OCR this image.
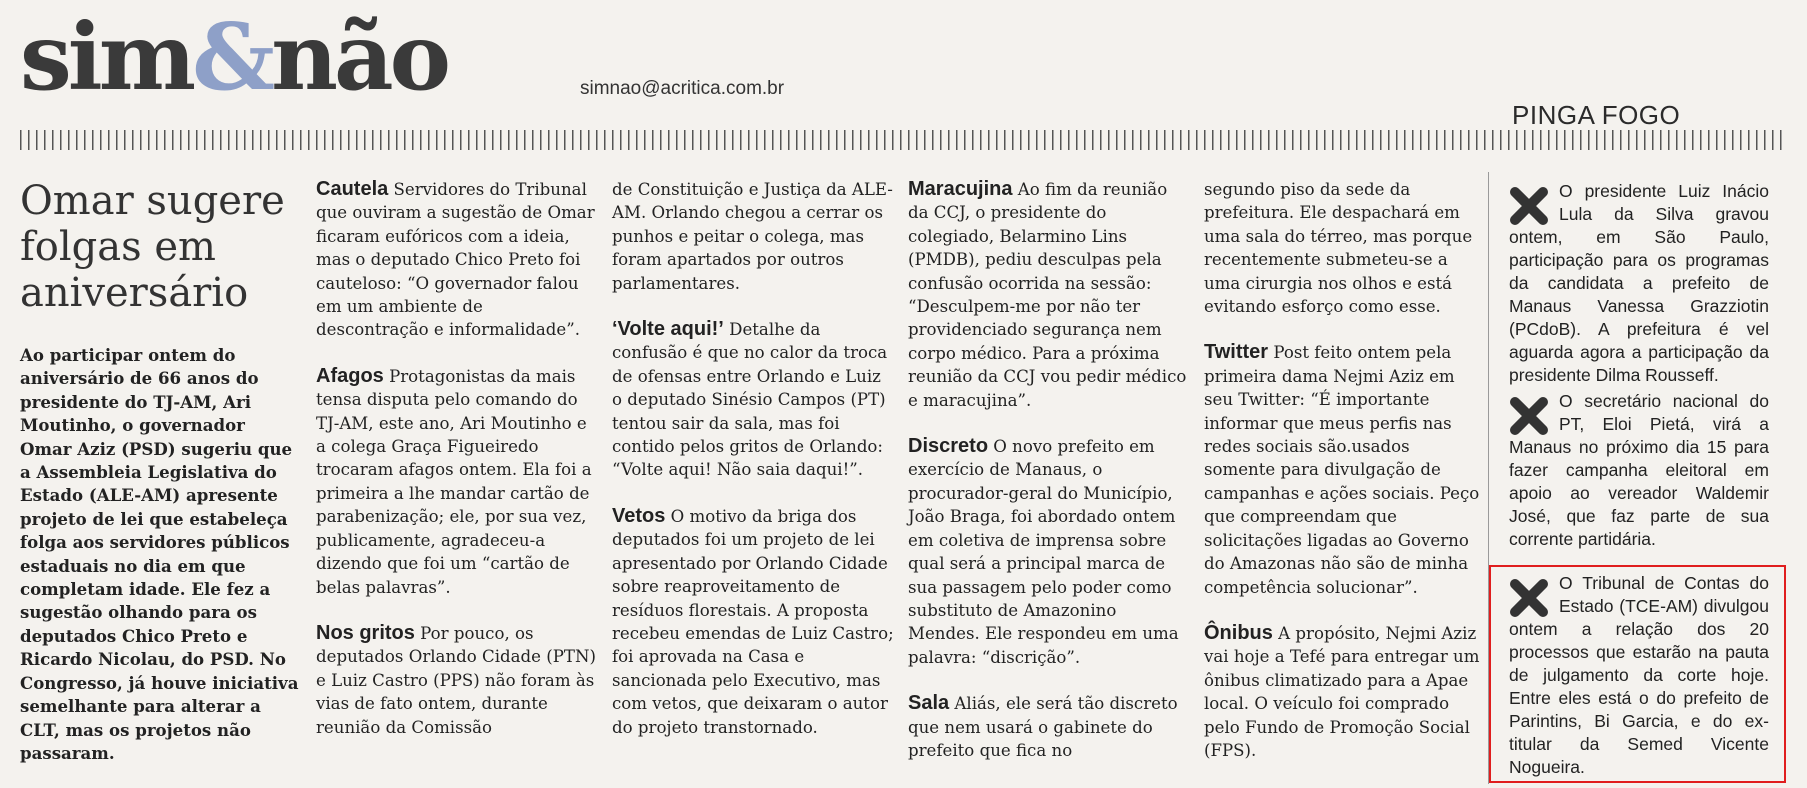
sim&não	simnao@acritica.com.br
PINGA FOGO
Omar sugere folgas em aniversário
Ao participar ontem do aniversário de 66 anos do presidente do TJ-AM, Ari Moutinho, o governador Omar Aziz (PSD) sugeriu que a Assembleia Legislativa do Estado (ALE-AM) apresente projeto de lei que estabeleça folga aos servidores públicos estaduais no dia em que completam idade. Ele fez a sugestão olhando para os deputados Chico Preto e Ricardo Nicolau, do PSD. No Congresso, já houve iniciativa semelhante para alterar a CLT, mas os projetos não passaram.

Cautela Servidores do Tribunal que ouviram a sugestão de Omar ficaram eufóricos com a ideia, mas o deputado Chico Preto foi cauteloso: “O governador falou em um ambiente de descontração e informalidade”.

Afagos Protagonistas da mais tensa disputa pelo comando do TJ-AM, este ano, Ari Moutinho e a colega Graça Figueiredo trocaram afagos ontem. Ela foi a primeira a lhe mandar cartão de parabenização; ele, por sua vez, publicamente, agradeceu-a dizendo que foi um “cartão de belas palavras”.

Nos gritos Por pouco, os deputados Orlando Cidade (PTN) e Luiz Castro (PPS) não foram às vias de fato ontem, durante reunião da Comissão

de Constituição e Justiça da ALE-AM. Orlando chegou a cerrar os punhos e peitar o colega, mas foram apartados por outros parlamentares.

‘Volte aqui!’ Detalhe da confusão é que no calor da troca de ofensas entre Orlando e Luiz o deputado Sinésio Campos (PT) tentou sair da sala, mas foi contido pelos gritos de Orlando: “Volte aqui! Não saia daqui!”.

Vetos O motivo da briga dos deputados foi um projeto de lei apresentado por Orlando Cidade sobre reaproveitamento de resíduos florestais. A proposta recebeu emendas de Luiz Castro; foi aprovada na Casa e sancionada pelo Executivo, mas com vetos, que deixaram o autor do projeto transtornado.

Maracujina Ao fim da reunião da CCJ, o presidente do colegiado, Belarmino Lins (PMDB), pediu desculpas pela confusão ocorrida na sessão: “Desculpem-me por não ter providenciado segurança nem corpo médico. Para a próxima reunião da CCJ vou pedir médico e maracujina”.

Discreto O novo prefeito em exercício de Manaus, o procurador-geral do Município, João Braga, foi abordado ontem em coletiva de imprensa sobre qual será a principal marca de sua passagem pelo poder como substituto de Amazonino Mendes. Ele respondeu em uma palavra: “discrição”.

Sala Aliás, ele será tão discreto que nem usará o gabinete do prefeito que fica no

segundo piso da sede da prefeitura. Ele despachará em uma sala do térreo, mas porque recentemente submeteu-se a uma cirurgia nos olhos e está evitando esforço como esse.

Twitter Post feito ontem pela primeira dama Nejmi Aziz em seu Twitter: “É importante informar que meus perfis nas redes sociais são.usados somente para divulgação de campanhas e ações sociais. Peço que compreendam que solicitações ligadas ao Governo do Amazonas não são de minha competência solucionar”.

Ônibus A propósito, Nejmi Aziz vai hoje a Tefé para entregar um ônibus climatizado para a Apae local. O veículo foi comprado pelo Fundo de Promoção Social (FPS).

O presidente Luiz Inácio Lula da Silva gravou ontem, em São Paulo, participação para os programas da candidata a prefeito de Manaus Vanessa Grazziotin (PCdoB). A prefeitura é vel aguarda agora a participação da presidente Dilma Rousseff.
O secretário nacional do PT, Eloi Pietá, virá a Manaus no próximo dia 15 para fazer campanha eleitoral em apoio ao vereador Waldemir José, que faz parte de sua corrente partidária.
O Tribunal de Contas do Estado (TCE-AM) divulgou ontem a relação dos 20 processos que estarão na pauta de julgamento da corte hoje. Entre eles está o do prefeito de Parintins, Bi Garcia, e do ex-titular da Semed Vicente Nogueira.
